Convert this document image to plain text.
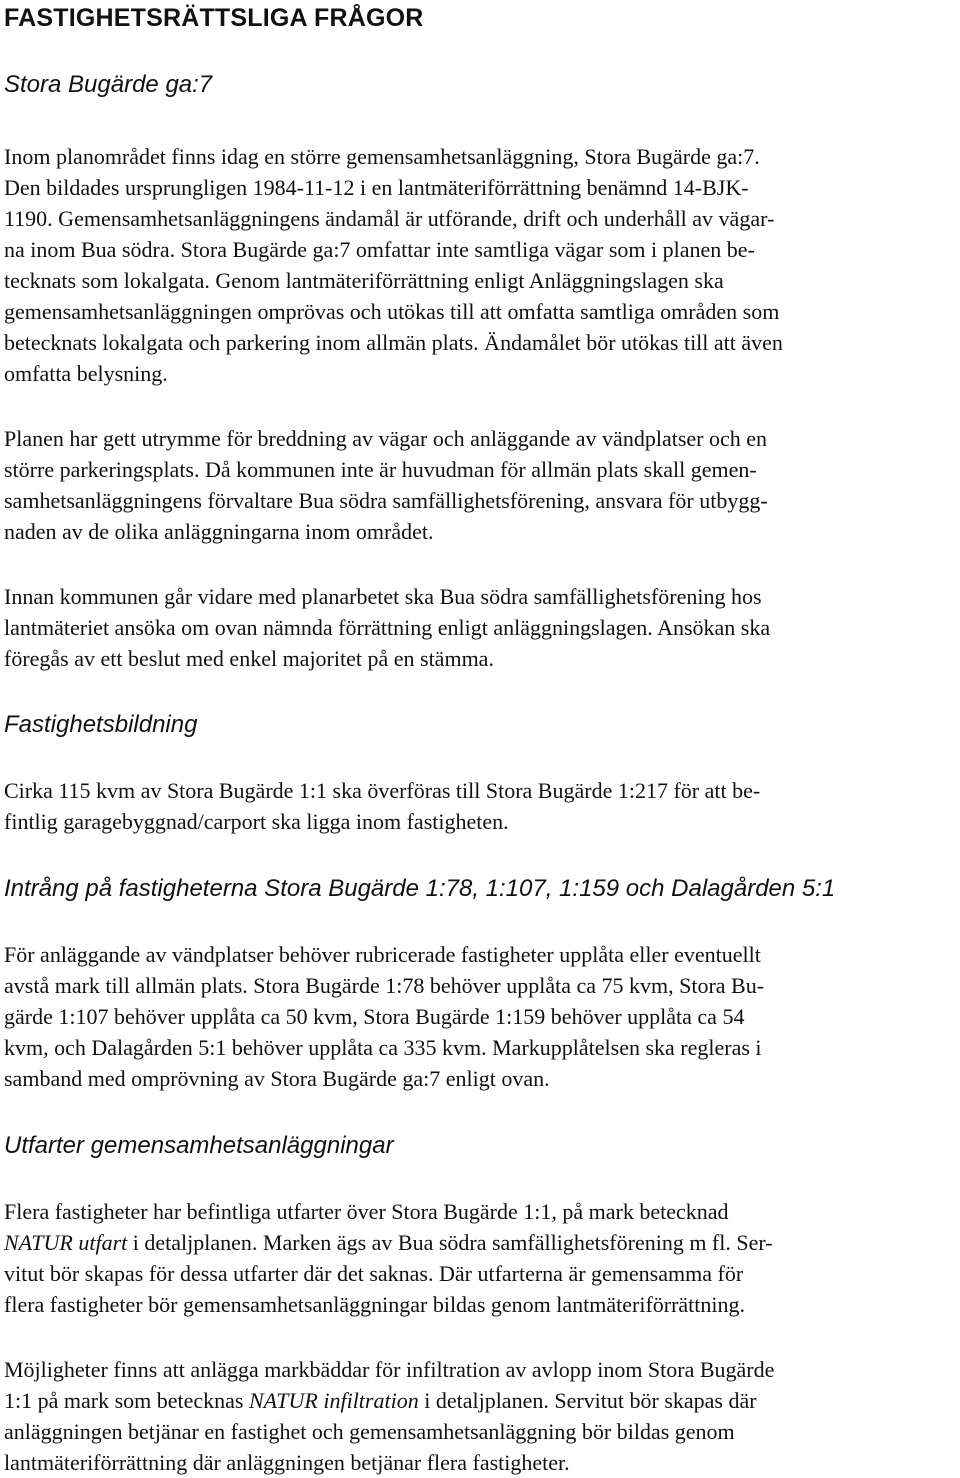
FASTIGHETSRÄTTSLIGA FRÅGOR
Stora Bugärde ga:7

Inom planområdet finns idag en större gemensamhetsanläggning, Stora Bugärde ga:7.
Den bildades ursprungligen 1984-11-12 i en lantmäteriförrättning benämnd 14-BJK-
1190. Gemensamhetsanläggningens ändamål är utförande, drift och underhåll av vägar-
na inom Bua södra. Stora Bugärde ga:7 omfattar inte samtliga vägar som i planen be-
tecknats som lokalgata. Genom lantmäteriförrättning enligt Anläggningslagen ska
gemensamhetsanläggningen omprövas och utökas till att omfatta samtliga områden som
betecknats lokalgata och parkering inom allmän plats. Ändamålet bör utökas till att även
omfatta belysning.

Planen har gett utrymme för breddning av vägar och anläggande av vändplatser och en
större parkeringsplats. Då kommunen inte är huvudman för allmän plats skall gemen-
samhetsanläggningens förvaltare Bua södra samfällighetsförening, ansvara för utbygg-
naden av de olika anläggningarna inom området.

Innan kommunen går vidare med planarbetet ska Bua södra samfällighetsförening hos
lantmäteriet ansöka om ovan nämnda förrättning enligt anläggningslagen. Ansökan ska
föregås av ett beslut med enkel majoritet på en stämma.

Fastighetsbildning

Cirka 115 kvm av Stora Bugärde 1:1 ska överföras till Stora Bugärde 1:217 för att be-
fintlig garagebyggnad/carport ska ligga inom fastigheten.

Intrång på fastigheterna Stora Bugärde 1:78, 1:107, 1:159 och Dalagården 5:1

För anläggande av vändplatser behöver rubricerade fastigheter upplåta eller eventuellt
avstå mark till allmän plats. Stora Bugärde 1:78 behöver upplåta ca 75 kvm, Stora Bu-
gärde 1:107 behöver upplåta ca 50 kvm, Stora Bugärde 1:159 behöver upplåta ca 54
kvm, och Dalagården 5:1 behöver upplåta ca 335 kvm. Markupplåtelsen ska regleras i
samband med omprövning av Stora Bugärde ga:7 enligt ovan.

Utfarter gemensamhetsanläggningar

Flera fastigheter har befintliga utfarter över Stora Bugärde 1:1, på mark betecknad
NATUR utfart i detaljplanen. Marken ägs av Bua södra samfällighetsförening m fl. Ser-
vitut bör skapas för dessa utfarter där det saknas. Där utfarterna är gemensamma för
flera fastigheter bör gemensamhetsanläggningar bildas genom lantmäteriförrättning.

Möjligheter finns att anlägga markbäddar för infiltration av avlopp inom Stora Bugärde
1:1 på mark som betecknas NATUR infiltration i detaljplanen. Servitut bör skapas där
anläggningen betjänar en fastighet och gemensamhetsanläggning bör bildas genom
lantmäteriförrättning där anläggningen betjänar flera fastigheter.
